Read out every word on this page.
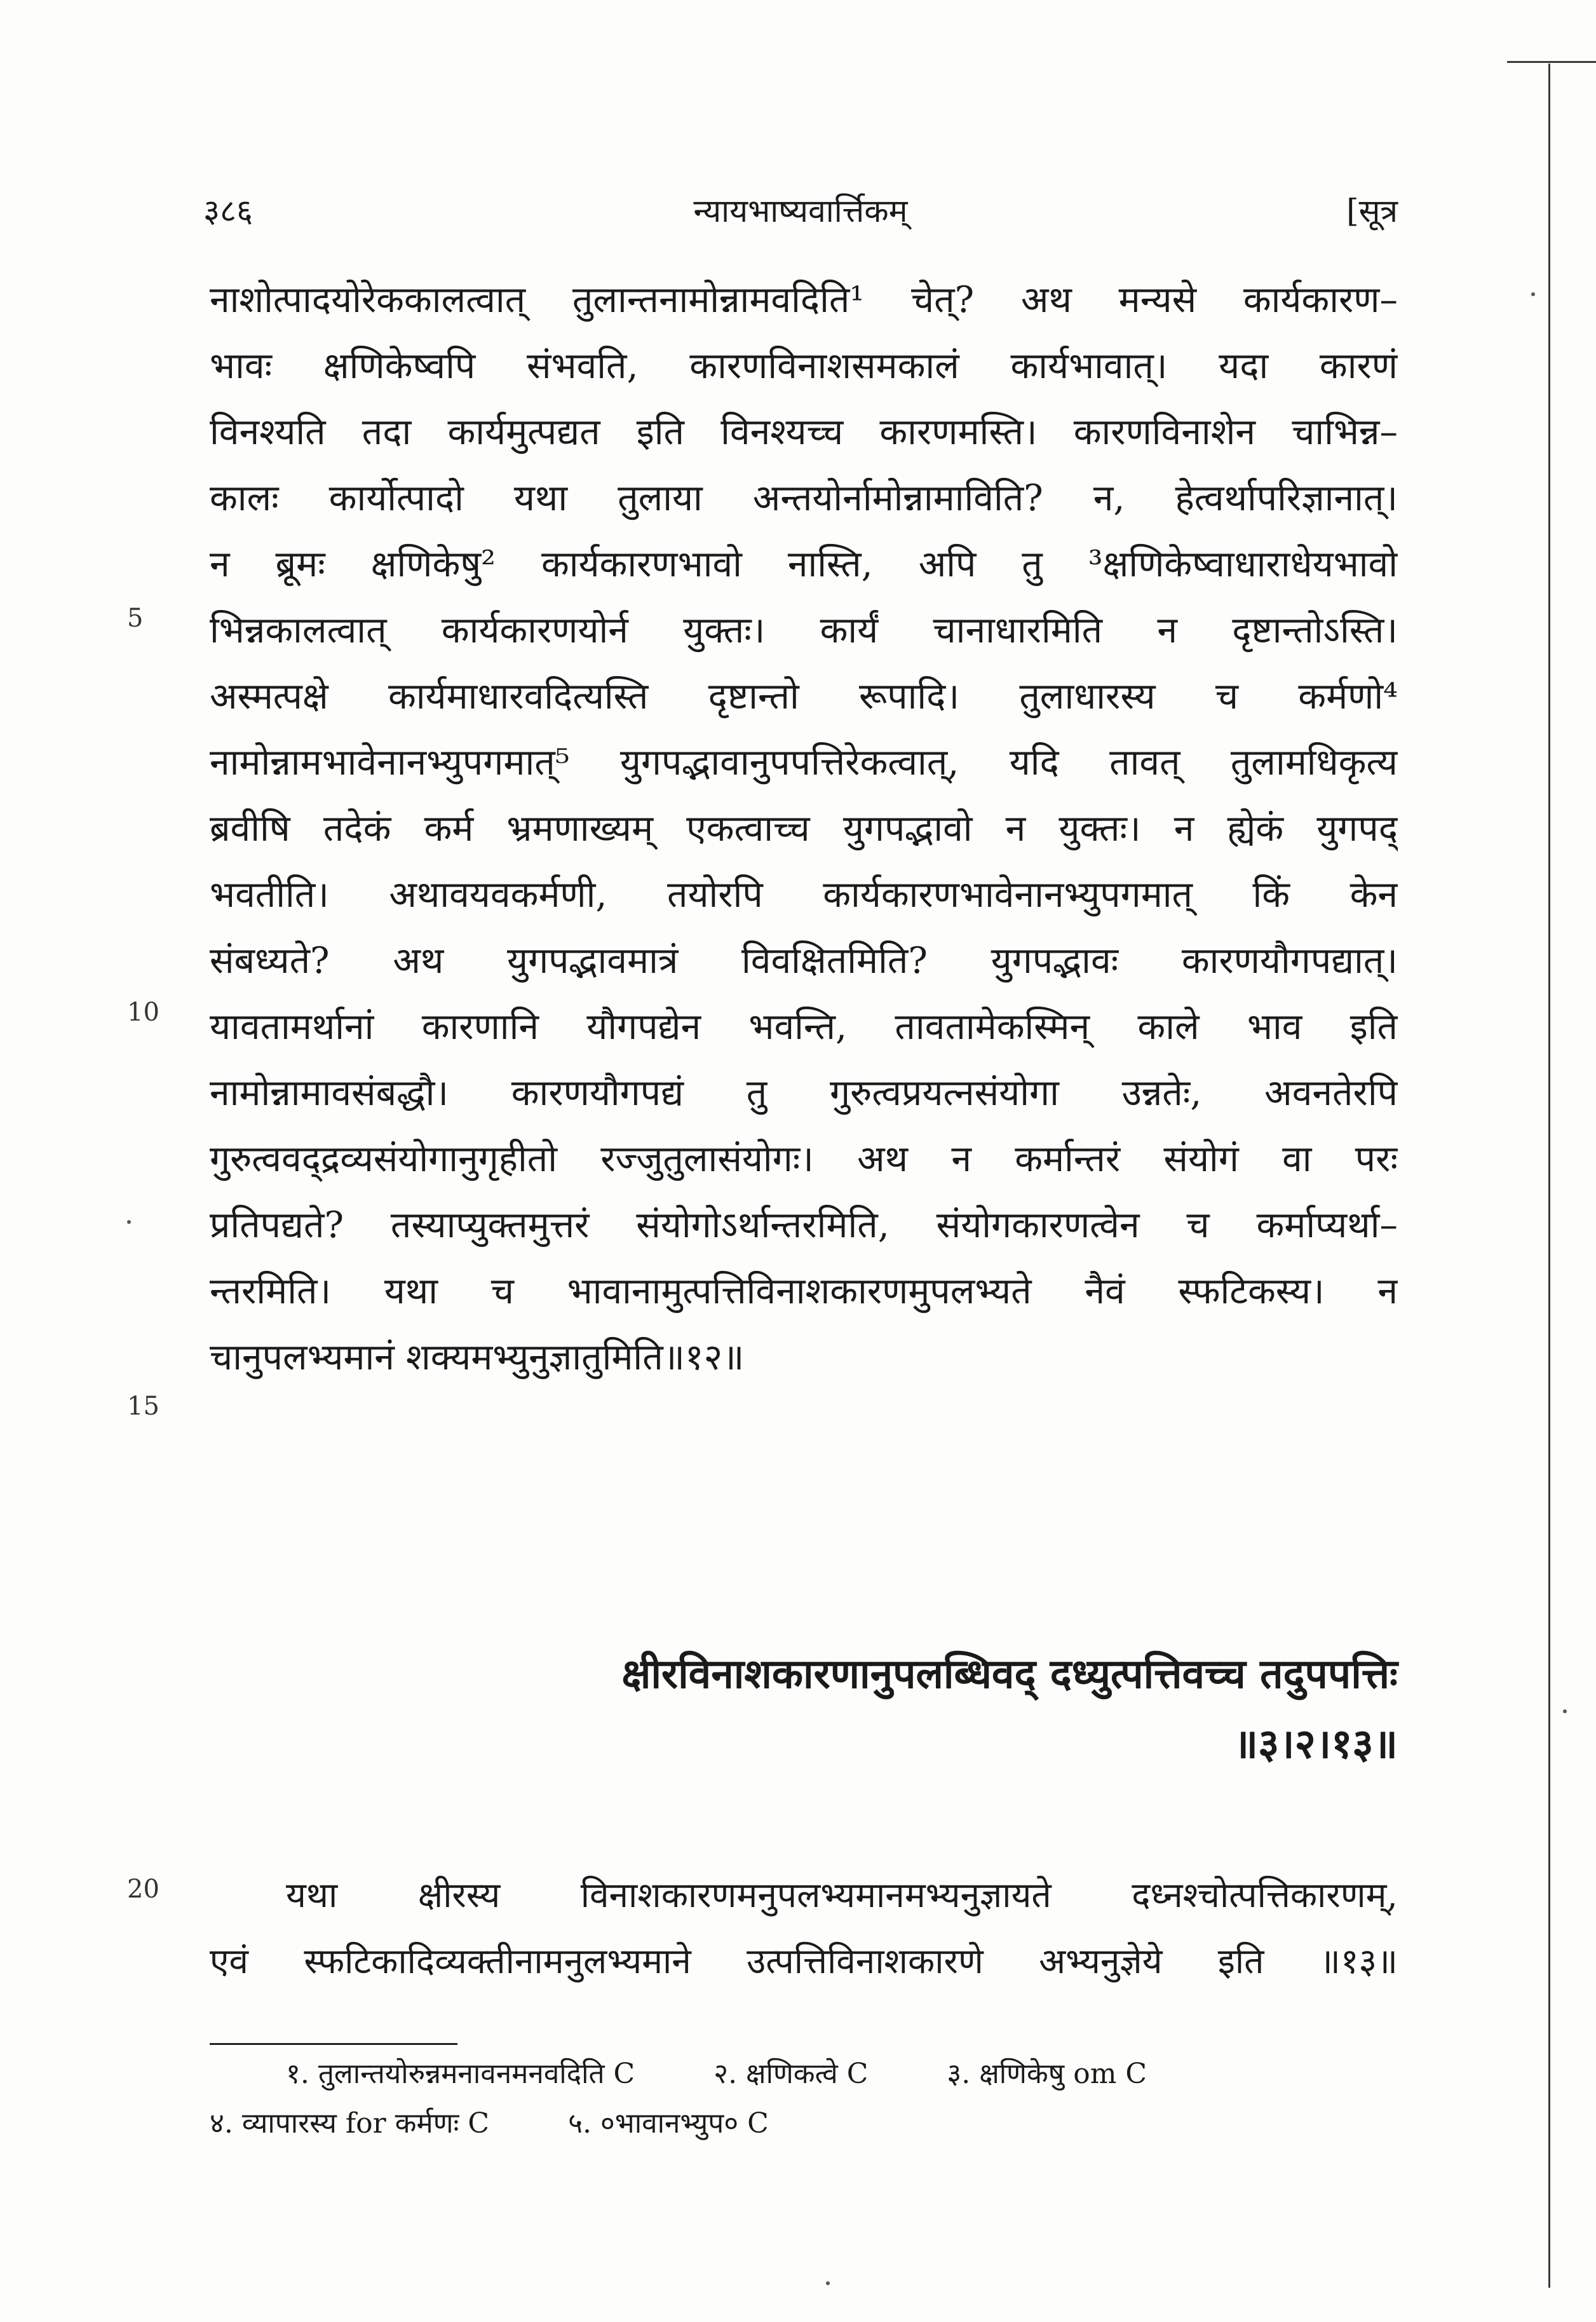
३८६	न्यायभाष्यवार्त्तिकम्	[सूत्र
नाशोत्पादयोरेककालत्वात् तुलान्तनामोन्नामवदिति¹ चेत्? अथ मन्यसे कार्यकारण–
भावः क्षणिकेष्वपि संभवति, कारणविनाशसमकालं कार्यभावात्। यदा कारणं
विनश्यति तदा कार्यमुत्पद्यत इति विनश्यच्च कारणमस्ति। कारणविनाशेन चाभिन्न–
कालः कार्योत्पादो यथा तुलाया अन्तयोर्नामोन्नामाविति? न, हेत्वर्थापरिज्ञानात्।
न ब्रूमः क्षणिकेषु² कार्यकारणभावो नास्ति, अपि तु ³क्षणिकेष्वाधाराधेयभावो
भिन्नकालत्वात् कार्यकारणयोर्न युक्तः। कार्यं चानाधारमिति न दृष्टान्तोऽस्ति।
अस्मत्पक्षे कार्यमाधारवदित्यस्ति दृष्टान्तो रूपादि। तुलाधारस्य च कर्मणो⁴
नामोन्नामभावेनानभ्युपगमात्⁵ युगपद्भावानुपपत्तिरेकत्वात्, यदि तावत् तुलामधिकृत्य
ब्रवीषि तदेकं कर्म भ्रमणाख्यम् एकत्वाच्च युगपद्भावो न युक्तः। न ह्येकं युगपद्
भवतीति। अथावयवकर्मणी, तयोरपि कार्यकारणभावेनानभ्युपगमात् किं केन
संबध्यते? अथ युगपद्भावमात्रं विवक्षितमिति? युगपद्भावः कारणयौगपद्यात्।
यावतामर्थानां कारणानि यौगपद्येन भवन्ति, तावतामेकस्मिन् काले भाव इति
नामोन्नामावसंबद्धौ। कारणयौगपद्यं तु गुरुत्वप्रयत्नसंयोगा उन्नतेः, अवनतेरपि
गुरुत्ववद्द्रव्यसंयोगानुगृहीतो रज्जुतुलासंयोगः। अथ न कर्मान्तरं संयोगं वा परः
प्रतिपद्यते? तस्याप्युक्तमुत्तरं संयोगोऽर्थान्तरमिति, संयोगकारणत्वेन च कर्माप्यर्था–
न्तरमिति। यथा च भावानामुत्पत्तिविनाशकारणमुपलभ्यते नैवं स्फटिकस्य। न
चानुपलभ्यमानं शक्यमभ्युनुज्ञातुमिति॥१२॥
5
10
15
20
क्षीरविनाशकारणानुपलब्धिवद् दध्युत्पत्तिवच्च तदुपपत्तिः
॥३।२।१३॥
यथा क्षीरस्य विनाशकारणमनुपलभ्यमानमभ्यनुज्ञायते दध्नश्चोत्पत्तिकारणम्,
एवं स्फटिकादिव्यक्तीनामनुलभ्यमाने उत्पत्तिविनाशकारणे अभ्यनुज्ञेये इति ॥१३॥
१. तुलान्तयोरुन्नमनावनमनवदिति C	२. क्षणिकत्वे C	३. क्षणिकेषु om C
४. व्यापारस्य for कर्मणः C	५. ०भावानभ्युप० C
